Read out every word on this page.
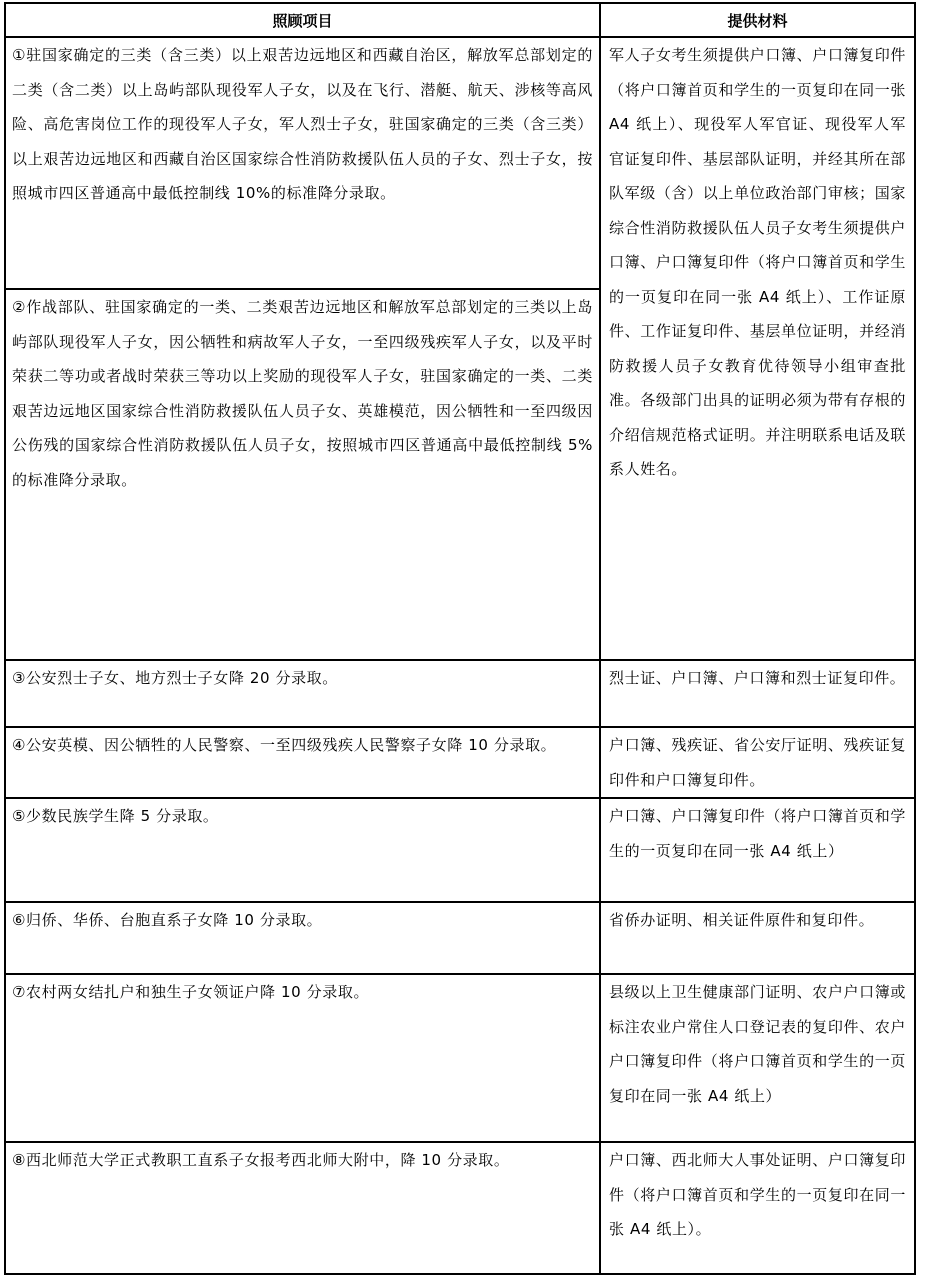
照顾项目	提供材料

①驻国家确定的三类（含三类）以上艰苦边远地区和西藏自治区，解放军总部划定的二类（含二类）以上岛屿部队现役军人子女，以及在飞行、潜艇、航天、涉核等高风险、高危害岗位工作的现役军人子女，军人烈士子女，驻国家确定的三类（含三类）以上艰苦边远地区和西藏自治区国家综合性消防救援队伍人员的子女、烈士子女，按照城市四区普通高中最低控制线 10%的标准降分录取。	军人子女考生须提供户口簿、户口簿复印件（将户口簿首页和学生的一页复印在同一张 A4 纸上）、现役军人军官证、现役军人军官证复印件、基层部队证明，并经其所在部队军级（含）以上单位政治部门审核；国家综合性消防救援队伍人员子女考生须提供户口簿、户口簿复印件（将户口簿首页和学生的一页复印在同一张 A4 纸上）、工作证原件、工作证复印件、基层单位证明，并经消防救援人员子女教育优待领导小组审查批准。各级部门出具的证明必须为带有存根的介绍信规范格式证明。并注明联系电话及联系人姓名。

②作战部队、驻国家确定的一类、二类艰苦边远地区和解放军总部划定的三类以上岛屿部队现役军人子女，因公牺牲和病故军人子女，一至四级残疾军人子女，以及平时荣获二等功或者战时荣获三等功以上奖励的现役军人子女，驻国家确定的一类、二类艰苦边远地区国家综合性消防救援队伍人员子女、英雄模范，因公牺牲和一至四级因公伤残的国家综合性消防救援队伍人员子女，按照城市四区普通高中最低控制线 5%的标准降分录取。	

③公安烈士子女、地方烈士子女降 20 分录取。	烈士证、户口簿、户口簿和烈士证复印件。

④公安英模、因公牺牲的人民警察、一至四级残疾人民警察子女降 10 分录取。	户口簿、残疾证、省公安厅证明、残疾证复印件和户口簿复印件。

⑤少数民族学生降 5 分录取。	户口簿、户口簿复印件（将户口簿首页和学生的一页复印在同一张 A4 纸上）

⑥归侨、华侨、台胞直系子女降 10 分录取。	省侨办证明、相关证件原件和复印件。

⑦农村两女结扎户和独生子女领证户降 10 分录取。	县级以上卫生健康部门证明、农户户口簿或标注农业户常住人口登记表的复印件、农户户口簿复印件（将户口簿首页和学生的一页复印在同一张 A4 纸上）

⑧西北师范大学正式教职工直系子女报考西北师大附中，降 10 分录取。	户口簿、西北师大人事处证明、户口簿复印件（将户口簿首页和学生的一页复印在同一张 A4 纸上）。
